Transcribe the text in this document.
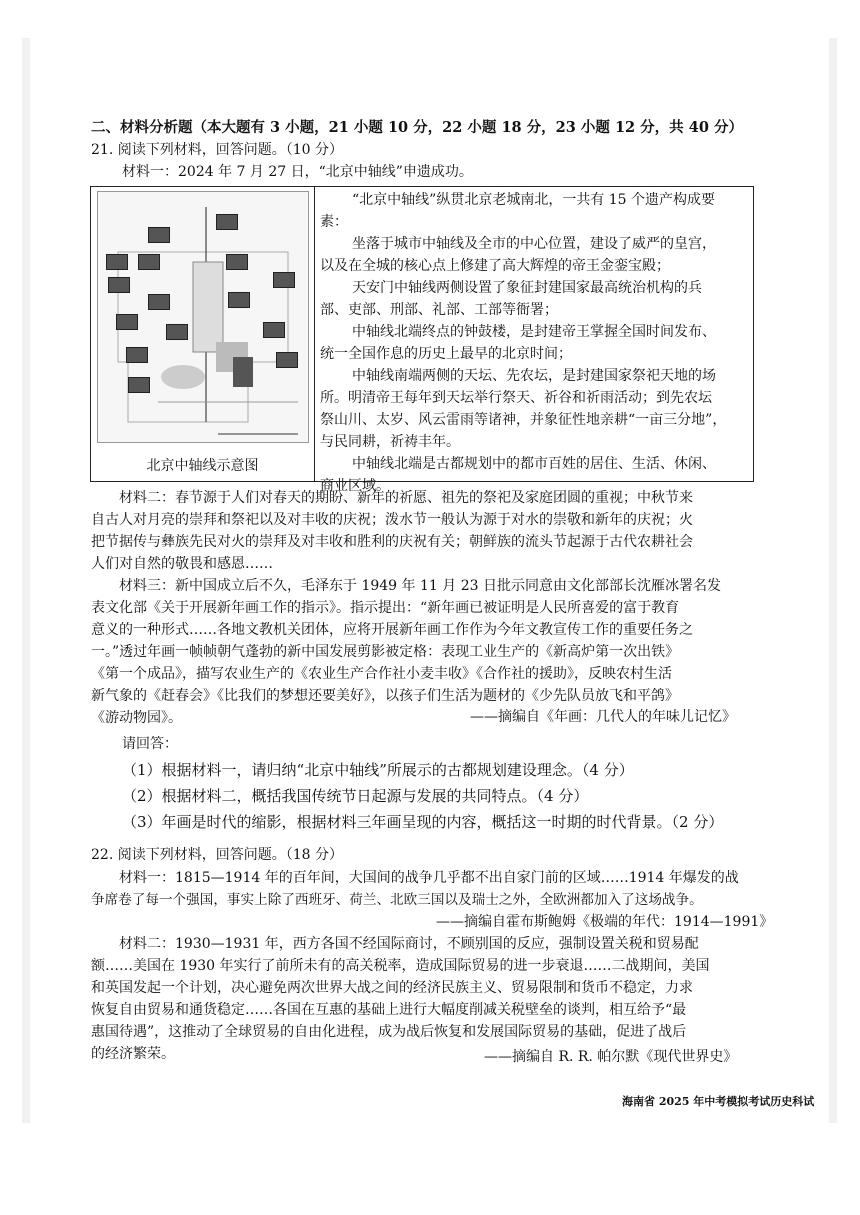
二、材料分析题（本大题有 3 小题，21 小题 10 分，22 小题 18 分，23 小题 12 分，共 40 分）
21. 阅读下列材料，回答问题。（10 分）
材料一：2024 年 7 月 27 日，“北京中轴线”申遗成功。
北京中轴线示意图
“北京中轴线”纵贯北京老城南北，一共有 15 个遗产构成要
素：
坐落于城市中轴线及全市的中心位置，建设了威严的皇宫，
以及在全城的核心点上修建了高大辉煌的帝王金銮宝殿；
天安门中轴线两侧设置了象征封建国家最高统治机构的兵
部、吏部、刑部、礼部、工部等衙署；
中轴线北端终点的钟鼓楼，是封建帝王掌握全国时间发布、
统一全国作息的历史上最早的北京时间；
中轴线南端两侧的天坛、先农坛，是封建国家祭祀天地的场
所。明清帝王每年到天坛举行祭天、祈谷和祈雨活动；到先农坛
祭山川、太岁、风云雷雨等诸神，并象征性地亲耕“一亩三分地”，
与民同耕，祈祷丰年。
中轴线北端是古都规划中的都市百姓的居住、生活、休闲、
商业区域。
材料二：春节源于人们对春天的期盼、新年的祈愿、祖先的祭祀及家庭团圆的重视；中秋节来
自古人对月亮的崇拜和祭祀以及对丰收的庆祝；泼水节一般认为源于对水的崇敬和新年的庆祝；火
把节据传与彝族先民对火的崇拜及对丰收和胜利的庆祝有关；朝鲜族的流头节起源于古代农耕社会
人们对自然的敬畏和感恩……
材料三：新中国成立后不久，毛泽东于 1949 年 11 月 23 日批示同意由文化部部长沈雁冰署名发
表文化部《关于开展新年画工作的指示》。指示提出：“新年画已被证明是人民所喜爱的富于教育
意义的一种形式……各地文教机关团体，应将开展新年画工作作为今年文教宣传工作的重要任务之
一。”透过年画一帧帧朝气蓬勃的新中国发展剪影被定格：表现工业生产的《新高炉第一次出铁》
《第一个成品》，描写农业生产的《农业生产合作社小麦丰收》《合作社的援助》，反映农村生活
新气象的《赶春会》《比我们的梦想还要美好》，以孩子们生活为题材的《少先队员放飞和平鸽》
《游动物园》。	——摘编自《年画：几代人的年味儿记忆》
请回答：
（1）根据材料一，请归纳“北京中轴线”所展示的古都规划建设理念。（4 分）
（2）根据材料二，概括我国传统节日起源与发展的共同特点。（4 分）
（3）年画是时代的缩影，根据材料三年画呈现的内容，概括这一时期的时代背景。（2 分）
22. 阅读下列材料，回答问题。（18 分）
材料一：1815—1914 年的百年间，大国间的战争几乎都不出自家门前的区域……1914 年爆发的战
争席卷了每一个强国，事实上除了西班牙、荷兰、北欧三国以及瑞士之外，全欧洲都加入了这场战争。
——摘编自霍布斯鲍姆《极端的年代：1914—1991》
材料二：1930—1931 年，西方各国不经国际商讨，不顾别国的反应，强制设置关税和贸易配
额……美国在 1930 年实行了前所未有的高关税率，造成国际贸易的进一步衰退……二战期间，美国
和英国发起一个计划，决心避免两次世界大战之间的经济民族主义、贸易限制和货币不稳定，力求
恢复自由贸易和通货稳定……各国在互惠的基础上进行大幅度削减关税壁垒的谈判，相互给予“最
惠国待遇”，这推动了全球贸易的自由化进程，成为战后恢复和发展国际贸易的基础，促进了战后
的经济繁荣。	——摘编自 R. R. 帕尔默《现代世界史》
海南省 2025 年中考模拟考试历史科试
